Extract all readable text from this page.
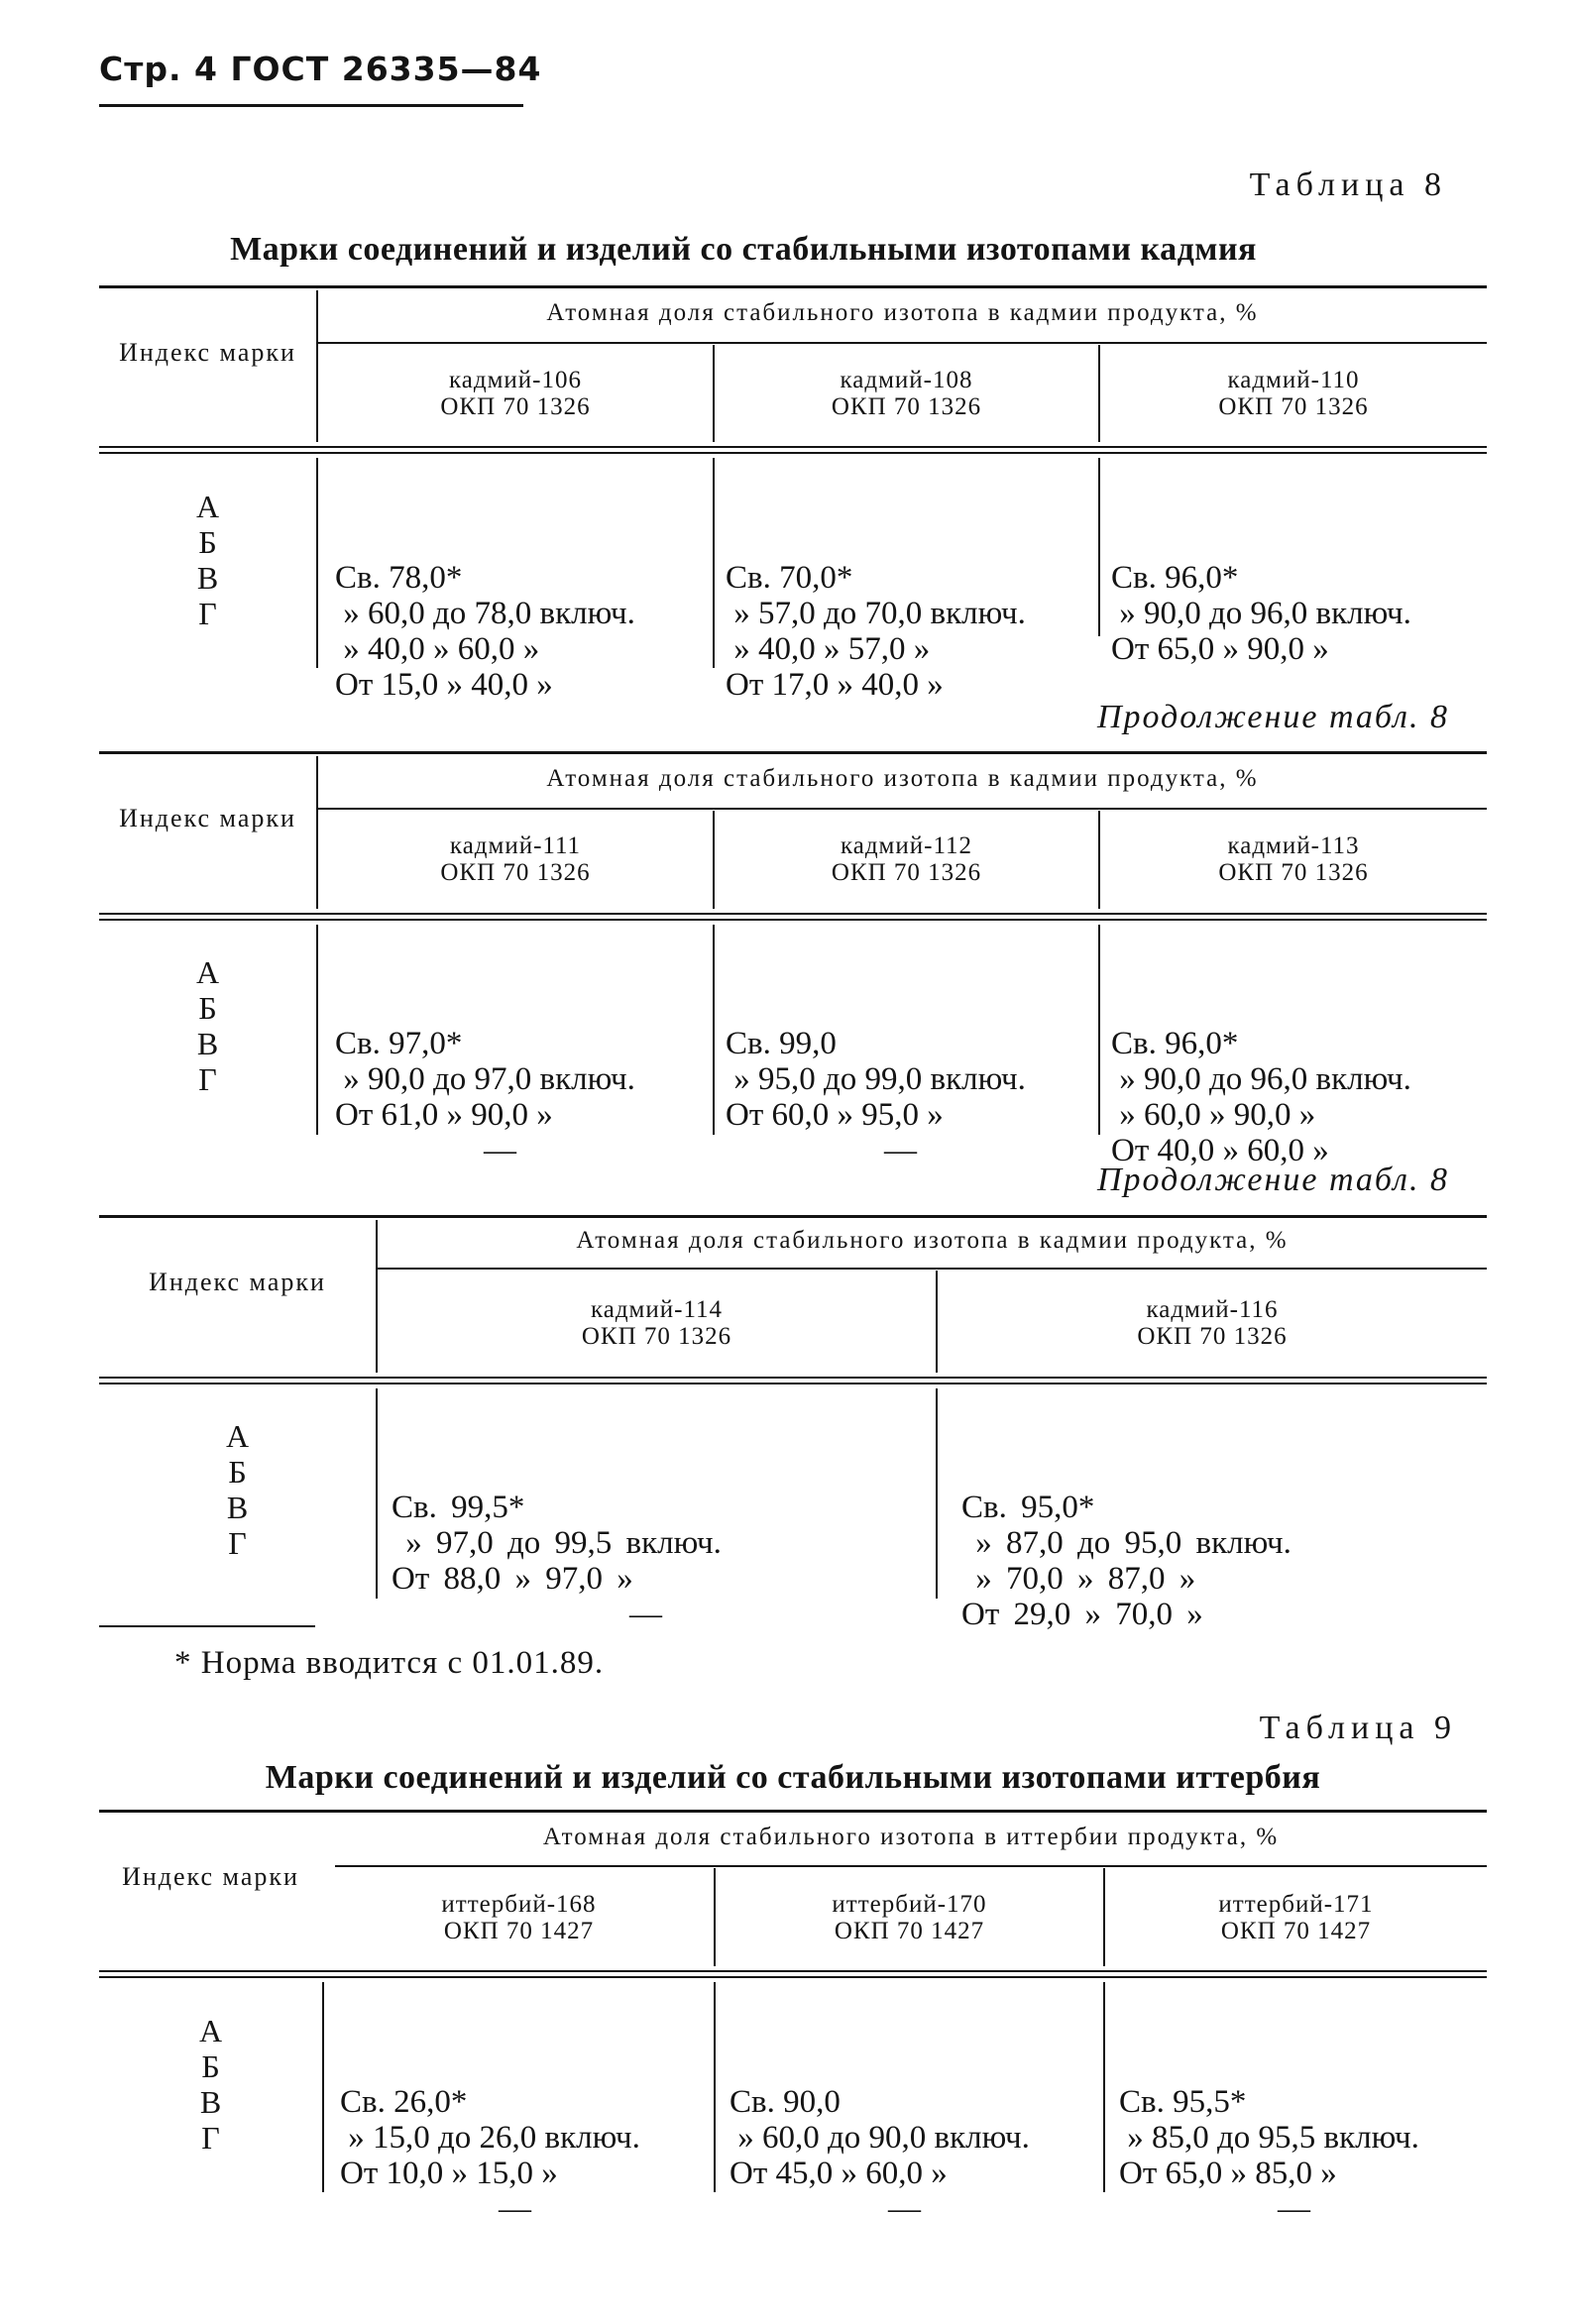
Стр. 4 ГОСТ 26335—84
Таблица 8
Марки соединений и изделий со стабильными изотопами кадмия
Атомная доля стабильного изотопа в кадмии продукта, %
Индекс марки
кадмий-106
ОКП 70 1326
кадмий-108
ОКП 70 1326
кадмий-110
ОКП 70 1326
А
Б
В
Г

Св. 78,0*
» 60,0 до 78,0 включ.
» 40,0 » 60,0 »
От 15,0 » 40,0 »

Св. 70,0*
» 57,0 до 70,0 включ.
» 40,0 » 57,0 »
От 17,0 » 40,0 »

Св. 96,0*
» 90,0 до 96,0 включ.
От 65,0 » 90,0 »

Продолжение табл. 8
Атомная доля стабильного изотопа в кадмии продукта, %
Индекс марки
кадмий-111
ОКП 70 1326
кадмий-112
ОКП 70 1326
кадмий-113
ОКП 70 1326
А
Б
В
Г

Св. 97,0*
» 90,0 до 97,0 включ.
От 61,0 » 90,0 »
—

Св. 99,0
» 95,0 до 99,0 включ.
От 60,0 » 95,0 »
—

Св. 96,0*
» 90,0 до 96,0 включ.
» 60,0 » 90,0 »
От 40,0 » 60,0 »

Продолжение табл. 8
Атомная доля стабильного изотопа в кадмии продукта, %
Индекс марки
кадмий-114
ОКП 70 1326
кадмий-116
ОКП 70 1326
А
Б
В
Г

Св. 99,5*
» 97,0 до 99,5 включ.
От 88,0 » 97,0 »
—

Св. 95,0*
» 87,0 до 95,0 включ.
» 70,0 » 87,0 »
От 29,0 » 70,0 »

* Норма вводится с 01.01.89.
Таблица 9
Марки соединений и изделий со стабильными изотопами иттербия
Атомная доля стабильного изотопа в иттербии продукта, %
Индекс марки
иттербий-168
ОКП 70 1427
иттербий-170
ОКП 70 1427
иттербий-171
ОКП 70 1427
А
Б
В
Г

Св. 26,0*
» 15,0 до 26,0 включ.
От 10,0 » 15,0 »
—

Св. 90,0
» 60,0 до 90,0 включ.
От 45,0 » 60,0 »
—

Св. 95,5*
» 85,0 до 95,5 включ.
От 65,0 » 85,0 »
—
